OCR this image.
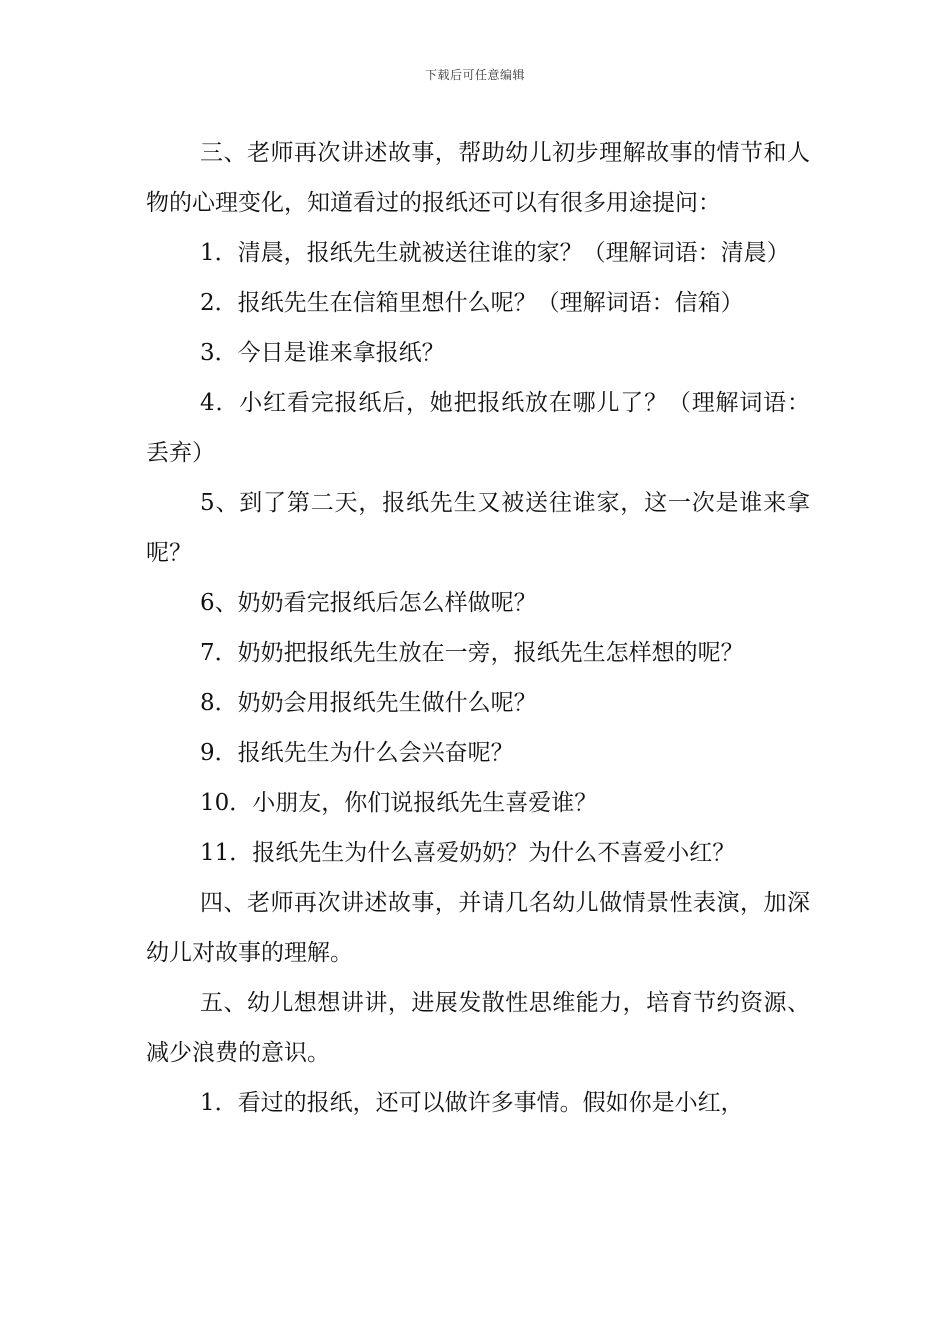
下载后可任意编辑

三、老师再次讲述故事，帮助幼儿初步理解故事的情节和人物的心理变化，知道看过的报纸还可以有很多用途提问：

1．清晨，报纸先生就被送往谁的家？（理解词语：清晨）

2．报纸先生在信箱里想什么呢？（理解词语：信箱）

3．今日是谁来拿报纸？

4．小红看完报纸后，她把报纸放在哪儿了？（理解词语：丢弃）

5、到了第二天，报纸先生又被送往谁家，这一次是谁来拿呢？

6、奶奶看完报纸后怎么样做呢？

7．奶奶把报纸先生放在一旁，报纸先生怎样想的呢？

8．奶奶会用报纸先生做什么呢？

9．报纸先生为什么会兴奋呢？

10．小朋友，你们说报纸先生喜爱谁？

11．报纸先生为什么喜爱奶奶？为什么不喜爱小红？

四、老师再次讲述故事，并请几名幼儿做情景性表演，加深幼儿对故事的理解。

五、幼儿想想讲讲，进展发散性思维能力，培育节约资源、减少浪费的意识。

1．看过的报纸，还可以做许多事情。假如你是小红，
